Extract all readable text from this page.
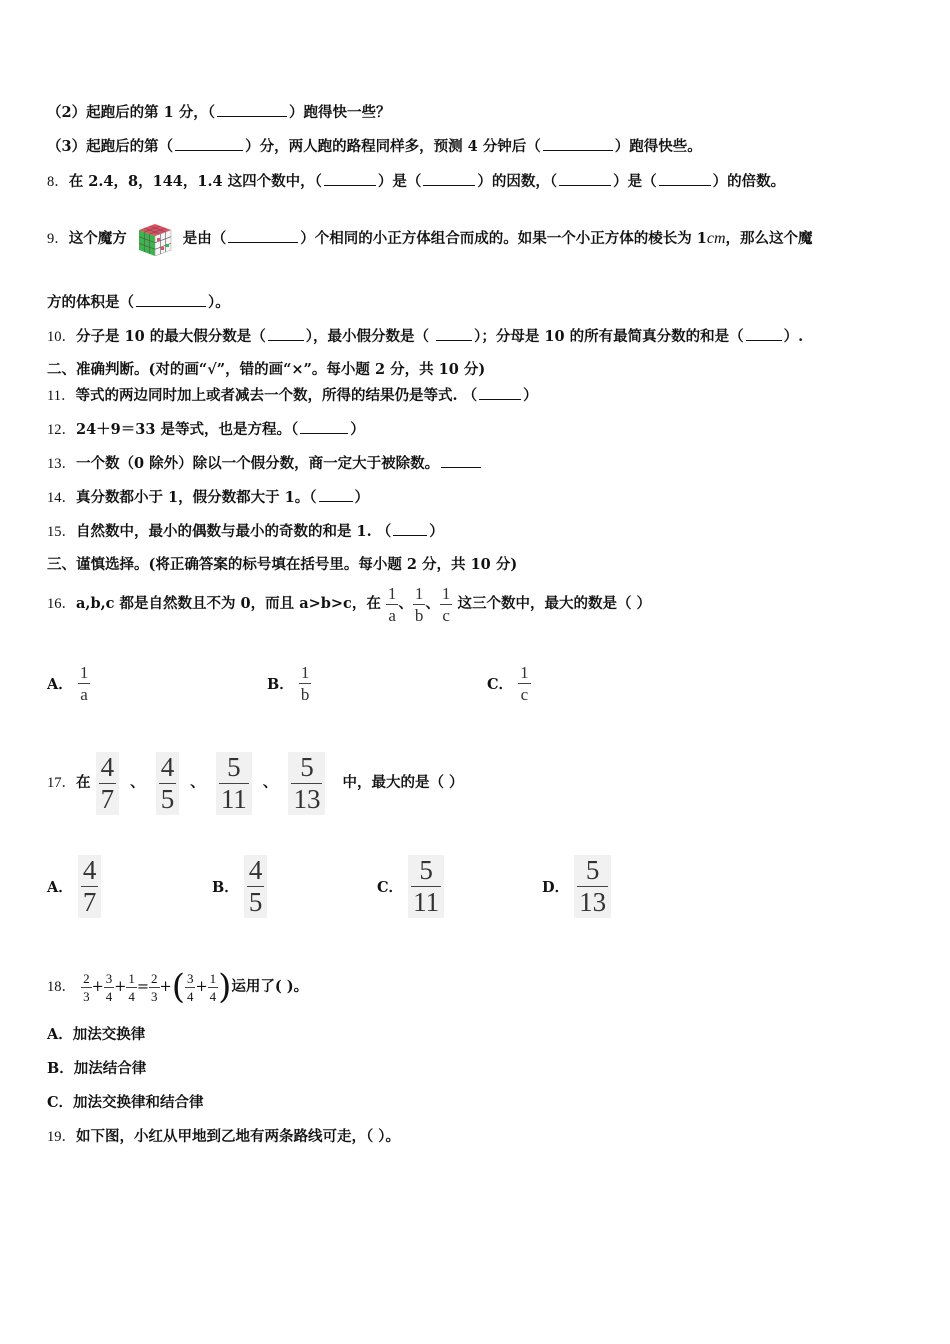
（2）起跑后的第 1 分，（	）跑得快一些？
（3）起跑后的第（	）分，两人跑的路程同样多，预测 4 分钟后（	）跑得快些。
8．在 2.4，8，144，1.4 这四个数中，（	）是（	）的因数，（	）是（	）的倍数。
9．这个魔方	是由（	）个相同的小正方体组合而成的。如果一个小正方体的棱长为 1cm，那么这个魔
方的体积是（	）。
10．分子是 10 的最大假分数是（	），最小假分数是（	）；分母是 10 的所有最简真分数的和是（	）.
二、准确判断。(对的画“√”，错的画“×”。每小题 2 分，共 10 分)
11．等式的两边同时加上或者减去一个数，所得的结果仍是等式. （	）
12．24＋9＝33 是等式，也是方程。（	）
13．一个数（0 除外）除以一个假分数，商一定大于被除数。
14．真分数都小于 1，假分数都大于 1。（	）
15．自然数中，最小的偶数与最小的奇数的和是 1. （	）
三、谨慎选择。(将正确答案的标号填在括号里。每小题 2 分，共 10 分)
16．a,b,c 都是自然数且不为 0，而且 a>b>c，在 $\frac{1}{a}$ 、 $\frac{1}{b}$ 、 $\frac{1}{c}$ 这三个数中，最大的数是（ ）
A． $\frac{1}{a}$	B． $\frac{1}{b}$	C． $\frac{1}{c}$
17．在 $\frac{4}{7}$ 、 $\frac{4}{5}$ 、 $\frac{5}{11}$ 、 $\frac{5}{13}$ 中，最大的是（ ）
A． $\frac{4}{7}$	B． $\frac{4}{5}$	C． $\frac{5}{11}$	D． $\frac{5}{13}$
18． $\frac{2}{3} + \frac{3}{4} + \frac{1}{4} = \frac{2}{3}$ +( $\frac{3}{4} + \frac{1}{4}$ )运用了( )。
A．加法交换律
B．加法结合律
C．加法交换律和结合律
19．如下图，小红从甲地到乙地有两条路线可走，（ ）。
